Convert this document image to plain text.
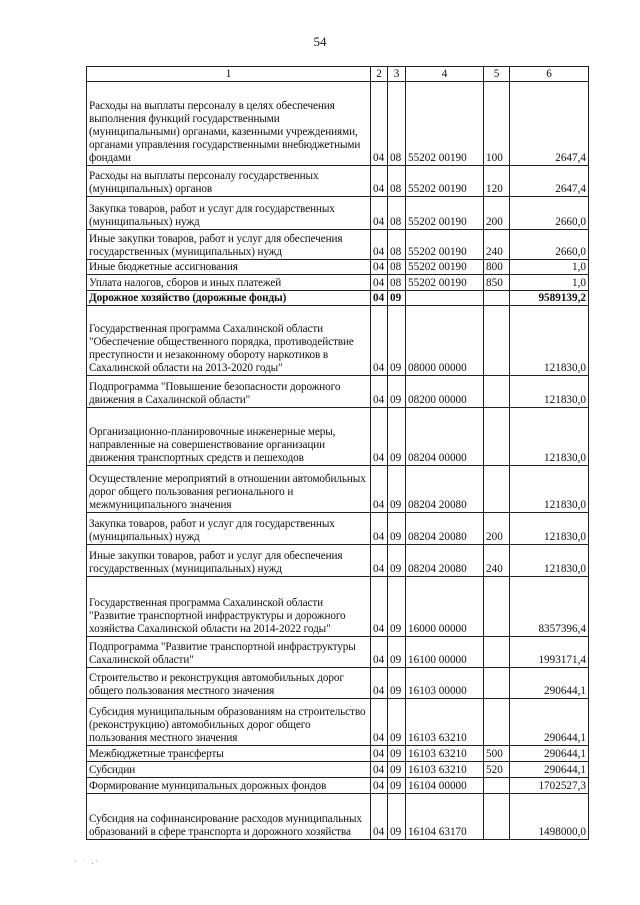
54
1	2	3	4	5	6
Расходы на выплаты персоналу в целях обеспечения выполнения функций государственными (муниципальными) органами, казенными учреждениями, органами управления государственными внебюджетными фондами	04	08	55202 00190	100	2647,4
Расходы на выплаты персоналу государственных (муниципальных) органов	04	08	55202 00190	120	2647,4
Закупка товаров, работ и услуг для государственных (муниципальных) нужд	04	08	55202 00190	200	2660,0
Иные закупки товаров, работ и услуг для обеспечения государственных (муниципальных) нужд	04	08	55202 00190	240	2660,0
Иные бюджетные ассигнования	04	08	55202 00190	800	1,0
Уплата налогов, сборов и иных платежей	04	08	55202 00190	850	1,0
Дорожное хозяйство (дорожные фонды)	04	09			9589139,2
Государственная программа Сахалинской области "Обеспечение общественного порядка, противодействие преступности и незаконному обороту наркотиков в Сахалинской области на 2013-2020 годы"	04	09	08000 00000		121830,0
Подпрограмма "Повышение безопасности дорожного движения в Сахалинской области"	04	09	08200 00000		121830,0
Организационно-планировочные инженерные меры, направленные на совершенствование организации движения транспортных средств и пешеходов	04	09	08204 00000		121830,0
Осуществление мероприятий в отношении автомобильных дорог общего пользования регионального и межмуниципального значения	04	09	08204 20080		121830,0
Закупка товаров, работ и услуг для государственных (муниципальных) нужд	04	09	08204 20080	200	121830,0
Иные закупки товаров, работ и услуг для обеспечения государственных (муниципальных) нужд	04	09	08204 20080	240	121830,0
Государственная программа Сахалинской области "Развитие транспортной инфраструктуры и дорожного хозяйства Сахалинской области на 2014-2022 годы"	04	09	16000 00000		8357396,4
Подпрограмма "Развитие транспортной инфраструктуры Сахалинской области"	04	09	16100 00000		1993171,4
Строительство и реконструкция автомобильных дорог общего пользования местного значения	04	09	16103 00000		290644,1
Субсидия муниципальным образованиям на строительство (реконструкцию) автомобильных дорог общего пользования местного значения	04	09	16103 63210		290644,1
Межбюджетные трансферты	04	09	16103 63210	500	290644,1
Субсидии	04	09	16103 63210	520	290644,1
Формирование муниципальных дорожных фондов	04	09	16104 00000		1702527,3
Субсидия на софинансирование расходов муниципальных образований в сфере транспорта и дорожного хозяйства	04	09	16104 63170		1498000,0
· ˙ .·
